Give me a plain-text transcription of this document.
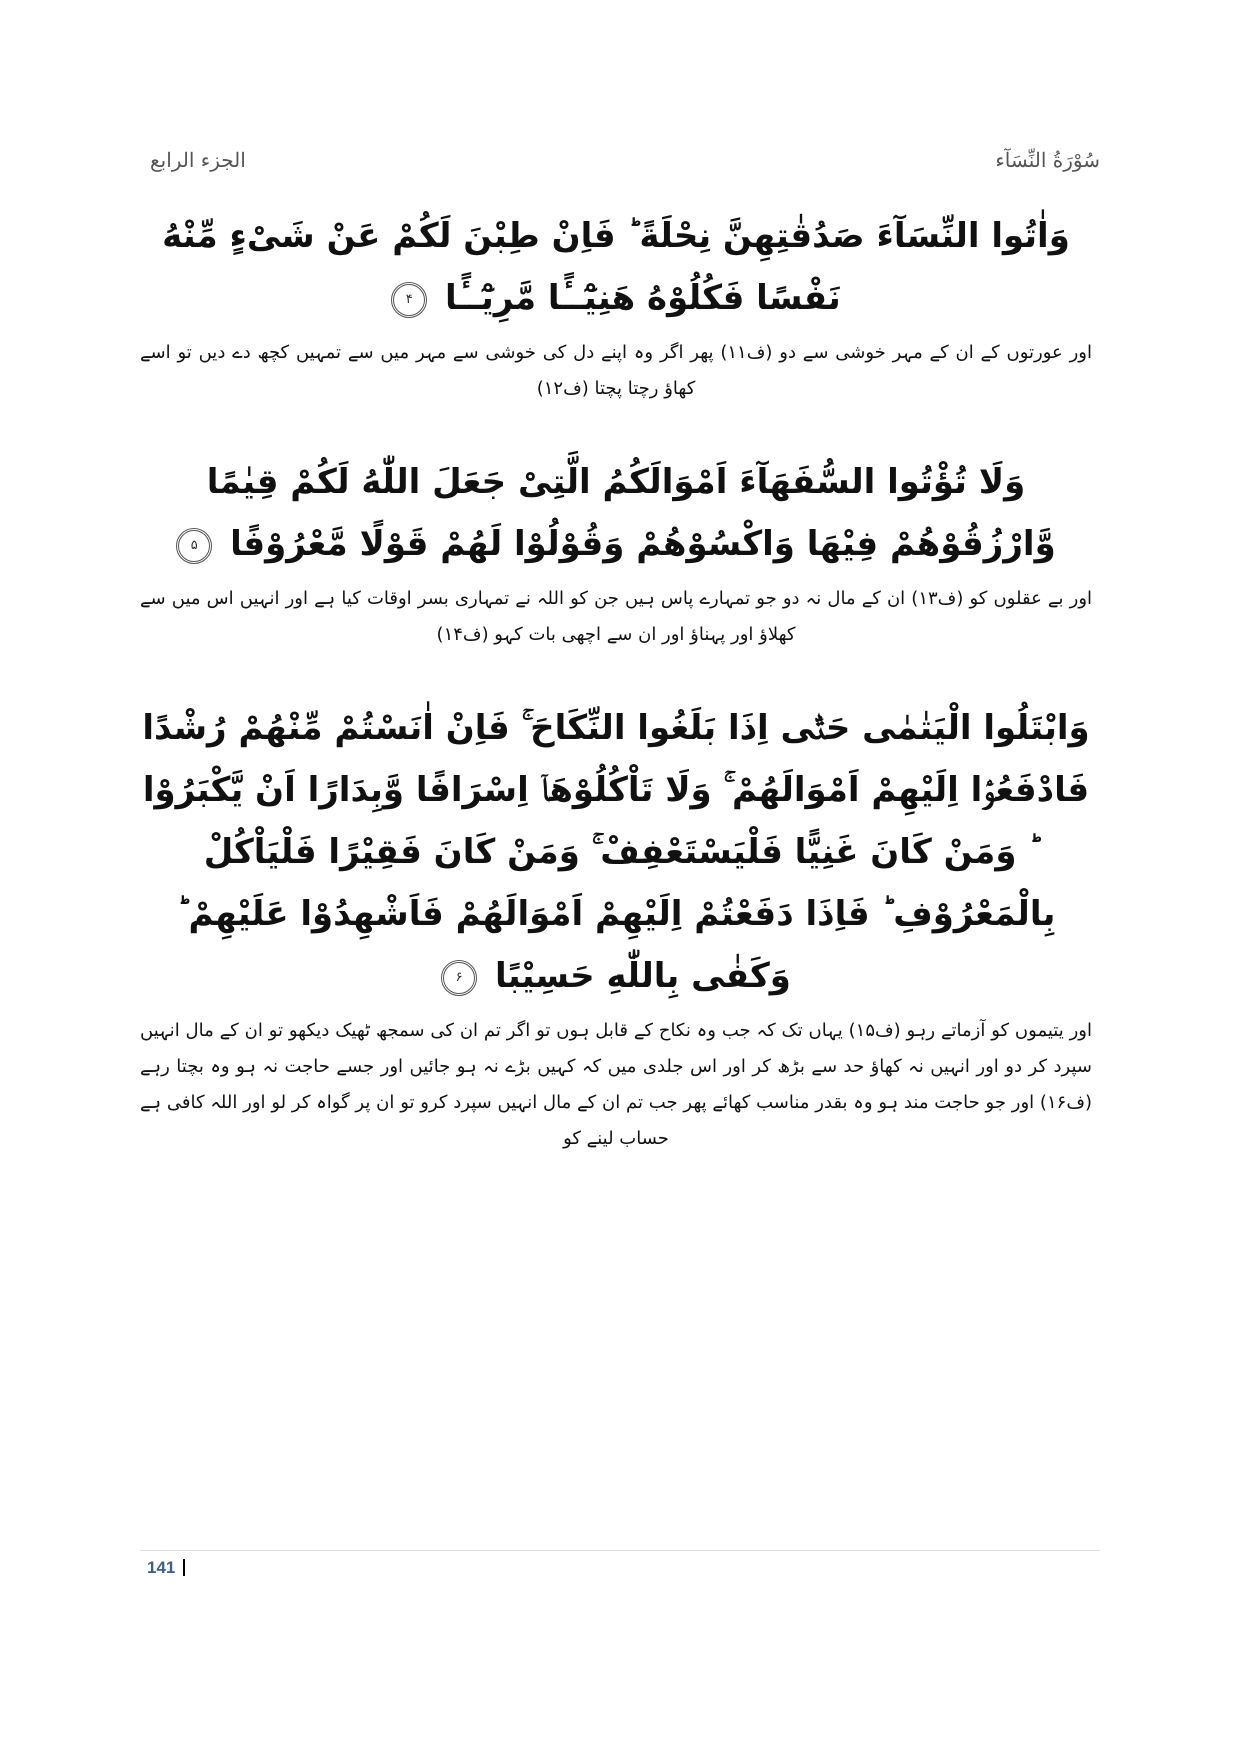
سُوْرَةُ النِّسَآء
الجزء الرابع
وَاٰتُوا النِّسَآءَ صَدُقٰتِهِنَّ نِحْلَةً ؕ فَاِنْ طِبْنَ لَكُمْ عَنْ شَیْءٍ مِّنْهُ نَفْسًا فَكُلُوْهُ هَنِیْٓــًٔا مَّرِیْٓــًٔا ۴
اور عورتوں کے ان کے مہر خوشی سے دو (ف۱۱) پھر اگر وہ اپنے دل کی خوشی سے مہر میں سے تمہیں کچھ دے دیں تو اسے کھاؤ رچتا پچتا (ف۱۲)
وَلَا تُؤْتُوا السُّفَهَآءَ اَمْوَالَكُمُ الَّتِیْ جَعَلَ اللّٰهُ لَكُمْ قِیٰمًا وَّارْزُقُوْهُمْ فِیْهَا وَاكْسُوْهُمْ وَقُوْلُوْا لَهُمْ قَوْلًا مَّعْرُوْفًا ۵
اور بے عقلوں کو (ف۱۳) ان کے مال نہ دو جو تمہارے پاس ہیں جن کو اللہ نے تمہاری بسر اوقات کیا ہے اور انہیں اس میں سے کھلاؤ اور پہناؤ اور ان سے اچھی بات کہو (ف۱۴)
وَابْتَلُوا الْیَتٰمٰی حَتّٰۤی اِذَا بَلَغُوا النِّكَاحَ ۚ فَاِنْ اٰنَسْتُمْ مِّنْهُمْ رُشْدًا فَادْفَعُوْۤا اِلَیْهِمْ اَمْوَالَهُمْ ۚ وَلَا تَاْكُلُوْهَاۤ اِسْرَافًا وَّبِدَارًا اَنْ یَّكْبَرُوْا ؕ وَمَنْ كَانَ غَنِیًّا فَلْیَسْتَعْفِفْ ۚ وَمَنْ كَانَ فَقِیْرًا فَلْیَاْكُلْ بِالْمَعْرُوْفِ ؕ فَاِذَا دَفَعْتُمْ اِلَیْهِمْ اَمْوَالَهُمْ فَاَشْهِدُوْا عَلَیْهِمْ ؕ وَكَفٰی بِاللّٰهِ حَسِیْبًا ۶
اور یتیموں کو آزماتے رہو (ف۱۵) یہاں تک کہ جب وہ نکاح کے قابل ہوں تو اگر تم ان کی سمجھ ٹھیک دیکھو تو ان کے مال انہیں سپرد کر دو اور انہیں نہ کھاؤ حد سے بڑھ کر اور اس جلدی میں کہ کہیں بڑے نہ ہو جائیں اور جسے حاجت نہ ہو وہ بچتا رہے (ف۱۶) اور جو حاجت مند ہو وہ بقدر مناسب کھائے پھر جب تم ان کے مال انہیں سپرد کرو تو ان پر گواہ کر لو اور اللہ کافی ہے حساب لینے کو
141
